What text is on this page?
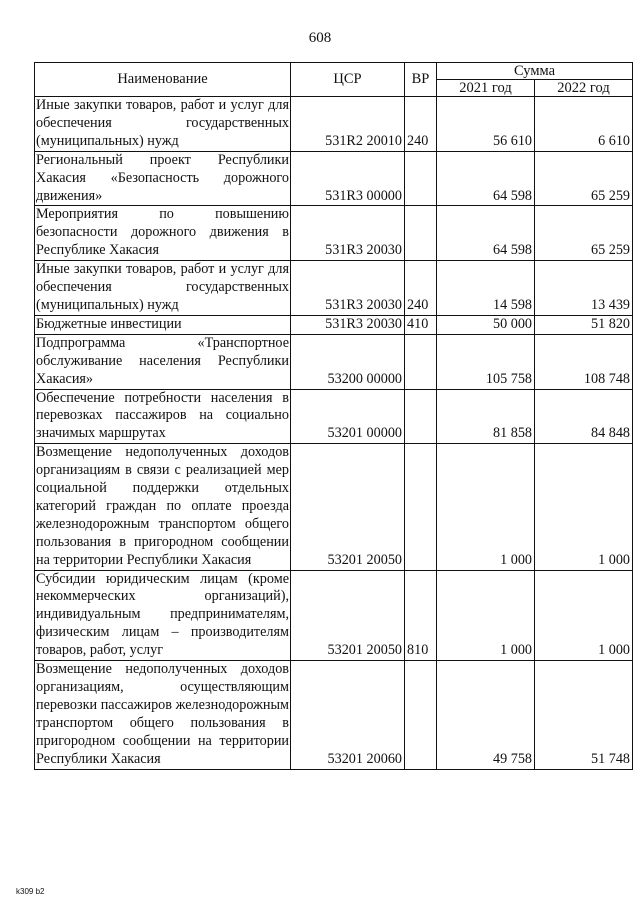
608
Наименование	ЦСР	ВР	Сумма	
			2021 год	2022 год
Иные закупки товаров, работ и услуг для обеспечения государственных (муниципальных) нужд	531R2 20010	240	56 610	6 610
Региональный проект Республики Хакасия «Безопасность дорожного движения»	531R3 00000		64 598	65 259
Мероприятия по повышению безопасности дорожного движения в Республике Хакасия	531R3 20030		64 598	65 259
Иные закупки товаров, работ и услуг для обеспечения государственных (муниципальных) нужд	531R3 20030	240	14 598	13 439
Бюджетные инвестиции	531R3 20030	410	50 000	51 820
Подпрограмма «Транспортное обслуживание населения Республики Хакасия»	53200 00000		105 758	108 748
Обеспечение потребности населения в перевозках пассажиров на социально значимых маршрутах	53201 00000		81 858	84 848
Возмещение недополученных доходов организациям в связи с реализацией мер социальной поддержки отдельных категорий граждан по оплате проезда железнодорожным транспортом общего пользования в пригородном сообщении на территории Республики Хакасия	53201 20050		1 000	1 000
Субсидии юридическим лицам (кроме некоммерческих организаций), индивидуальным предпринимателям, физическим лицам – производителям товаров, работ, услуг	53201 20050	810	1 000	1 000
Возмещение недополученных доходов организациям, осуществляющим перевозки пассажиров железнодорожным транспортом общего пользования в пригородном сообщении на территории Республики Хакасия	53201 20060		49 758	51 748
k309 b2
